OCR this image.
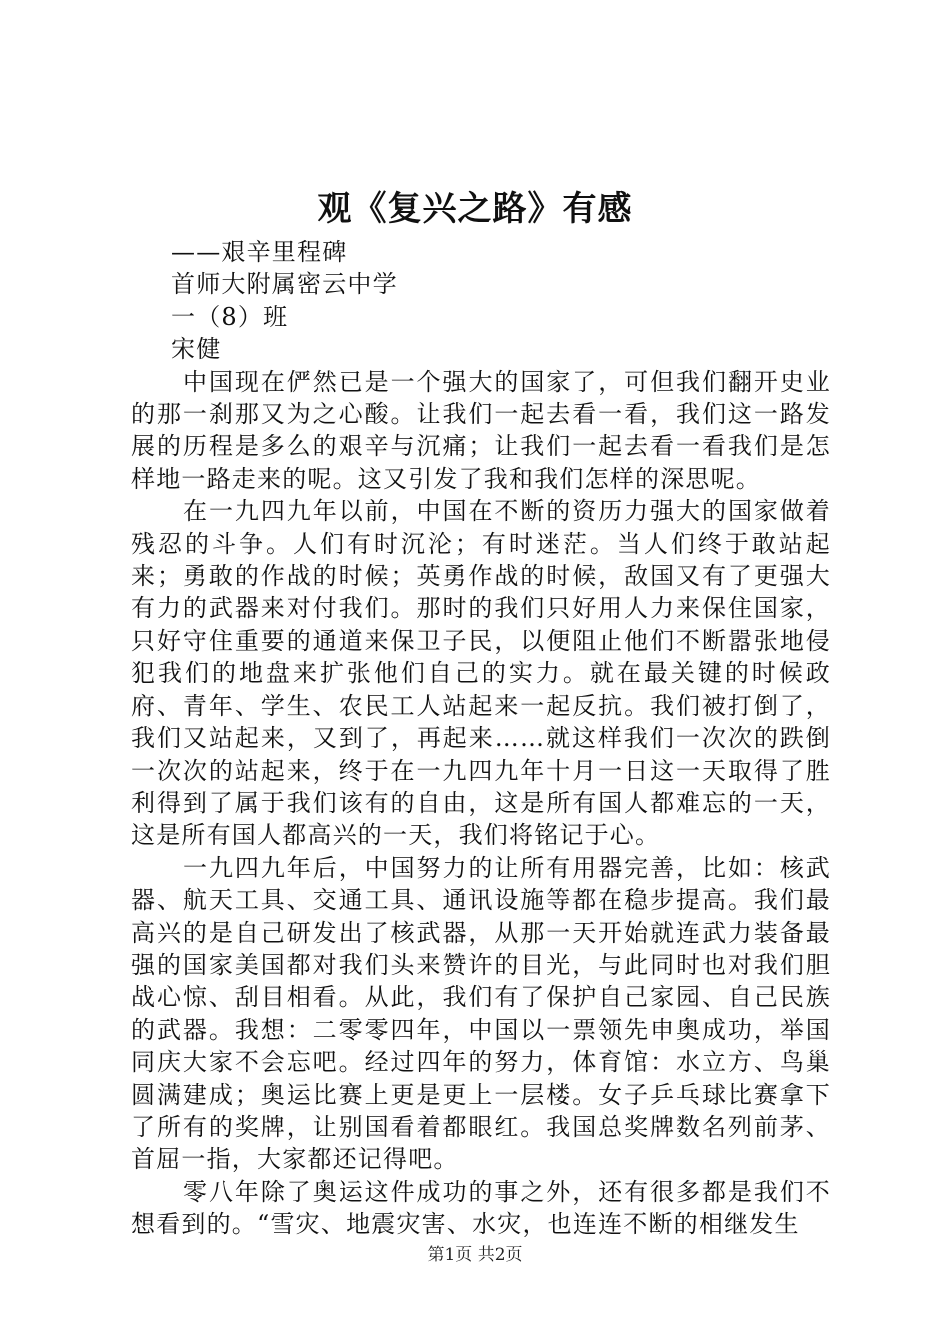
观《复兴之路》有感

——艰辛里程碑

首师大附属密云中学

一（8）班

宋健

中国现在俨然已是一个强大的国家了，可但我们翻开史业的那一刹那又为之心酸。让我们一起去看一看，我们这一路发展的历程是多么的艰辛与沉痛；让我们一起去看一看我们是怎样地一路走来的呢。这又引发了我和我们怎样的深思呢。

在一九四九年以前，中国在不断的资历力强大的国家做着残忍的斗争。人们有时沉沦；有时迷茫。当人们终于敢站起来；勇敢的作战的时候；英勇作战的时候，敌国又有了更强大有力的武器来对付我们。那时的我们只好用人力来保住国家，只好守住重要的通道来保卫子民，以便阻止他们不断嚣张地侵犯我们的地盘来扩张他们自己的实力。就在最关键的时候政府、青年、学生、农民工人站起来一起反抗。我们被打倒了，我们又站起来，又到了，再起来……就这样我们一次次的跌倒一次次的站起来，终于在一九四九年十月一日这一天取得了胜利得到了属于我们该有的自由，这是所有国人都难忘的一天，这是所有国人都高兴的一天，我们将铭记于心。

一九四九年后，中国努力的让所有用器完善，比如：核武器、航天工具、交通工具、通讯设施等都在稳步提高。我们最高兴的是自己研发出了核武器，从那一天开始就连武力装备最强的国家美国都对我们头来赞许的目光，与此同时也对我们胆战心惊、刮目相看。从此，我们有了保护自己家园、自己民族的武器。我想：二零零四年，中国以一票领先申奥成功，举国同庆大家不会忘吧。经过四年的努力，体育馆：水立方、鸟巢圆满建成；奥运比赛上更是更上一层楼。女子乒乓球比赛拿下了所有的奖牌，让别国看着都眼红。我国总奖牌数名列前茅、首屈一指，大家都还记得吧。

零八年除了奥运这件成功的事之外，还有很多都是我们不想看到的。“雪灾、地震灾害、水灾，也连连不断的相继发生

第1页 共2页
